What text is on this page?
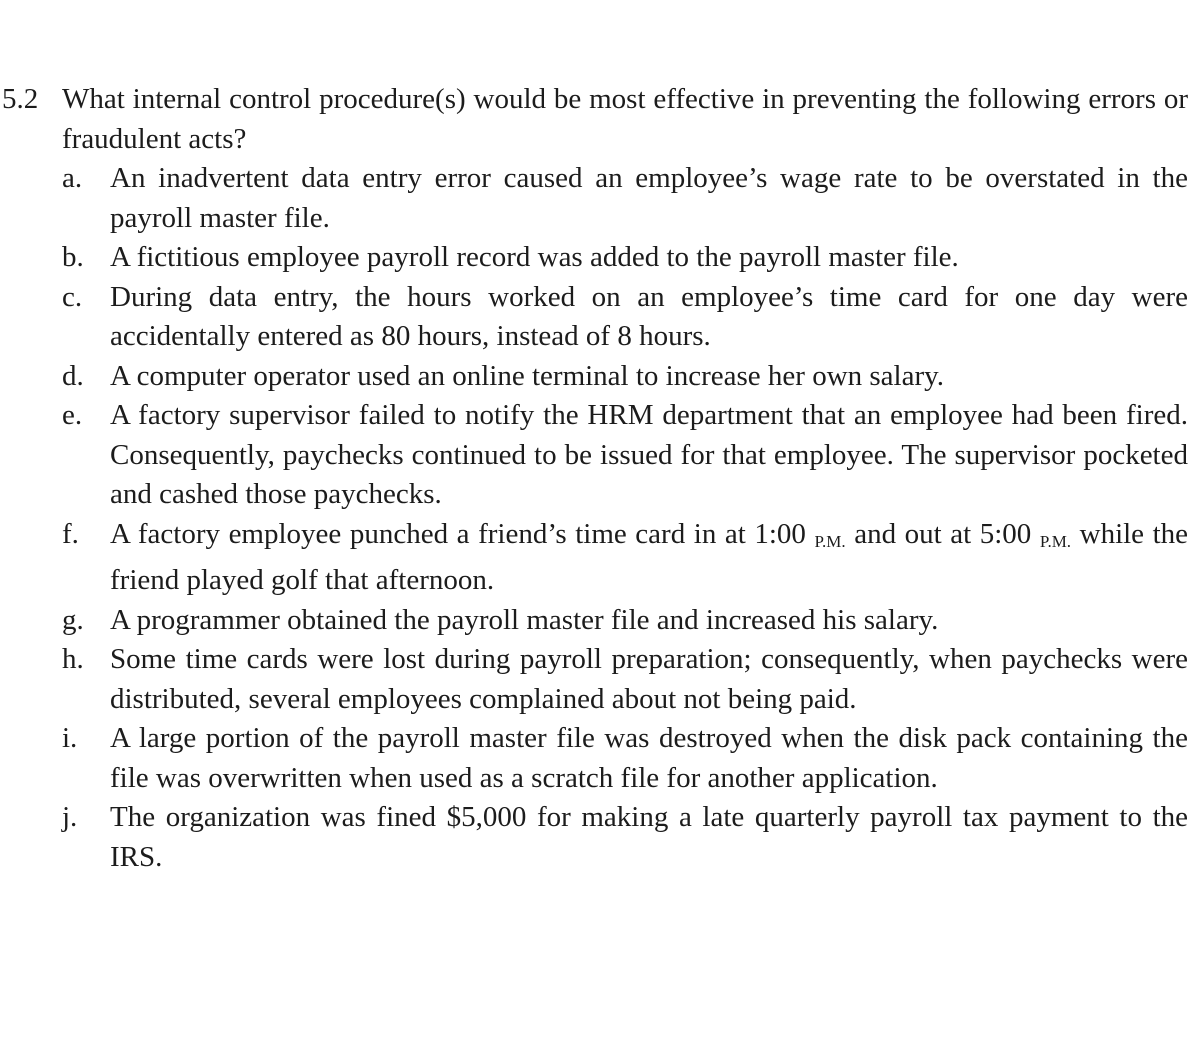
5.2 What internal control procedure(s) would be most effective in preventing the following errors or fraudulent acts?
a. An inadvertent data entry error caused an employee’s wage rate to be overstated in the payroll master file.
b. A fictitious employee payroll record was added to the payroll master file.
c. During data entry, the hours worked on an employee’s time card for one day were accidentally entered as 80 hours, instead of 8 hours.
d. A computer operator used an online terminal to increase her own salary.
e. A factory supervisor failed to notify the HRM department that an employee had been fired. Consequently, paychecks continued to be issued for that employee. The supervisor pocketed and cashed those paychecks.
f.	A factory employee punched a friend’s time card in at 1:00 P.M. and out at 5:00 P.M. while the friend played golf that afternoon.
g. A programmer obtained the payroll master file and increased his salary.
h. Some time cards were lost during payroll preparation; consequently, when paychecks were distributed, several employees complained about not being paid.
i.	A large portion of the payroll master file was destroyed when the disk pack containing the file was overwritten when used as a scratch file for another application.
j.	The organization was fined $5,000 for making a late quarterly payroll tax payment to the IRS.
